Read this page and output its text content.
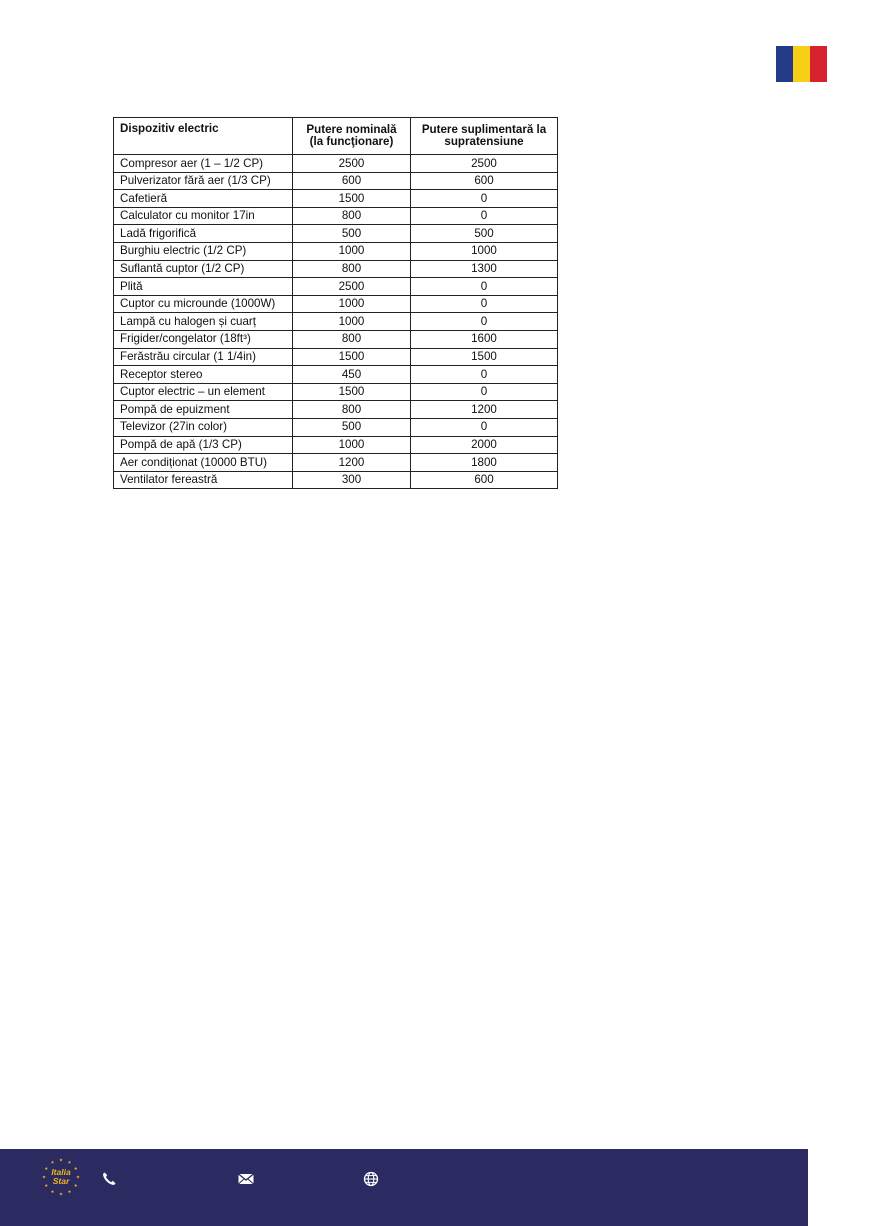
Dispozitiv electric	Putere nominală (la funcţionare)	Putere suplimentară la supratensiune
Compresor aer (1 – 1/2 CP)	2500	2500
Pulverizator fără aer (1/3 CP)	600	600
Cafetieră	1500	0
Calculator cu monitor 17in	800	0
Ladă frigorifică	500	500
Burghiu electric (1/2 CP)	1000	1000
Suflantă cuptor (1/2 CP)	800	1300
Plită	2500	0
Cuptor cu microunde (1000W)	1000	0
Lampă cu halogen și cuarț	1000	0
Frigider/congelator (18ft³)	800	1600
Ferăstrău circular (1 1/4in)	1500	1500
Receptor stereo	450	0
Cuptor electric – un element	1500	0
Pompă de epuizment	800	1200
Televizor (27in color)	500	0
Pompă de apă (1/3 CP)	1000	2000
Aer condiționat (10000 BTU)	1200	1800
Ventilator fereastră	300	600
Italia
Star
